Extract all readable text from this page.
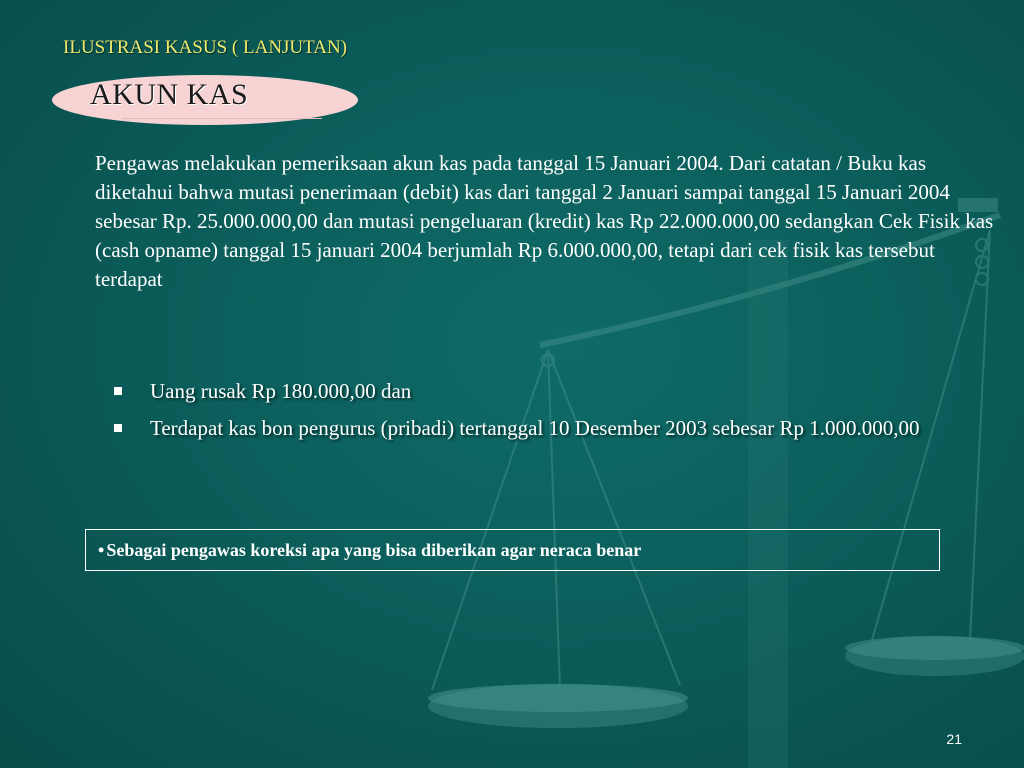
ILUSTRASI KASUS ( LANJUTAN)
AKUN KAS
Pengawas melakukan pemeriksaan akun kas pada tanggal 15 Januari 2004. Dari catatan / Buku kas diketahui bahwa mutasi penerimaan (debit) kas dari tanggal 2 Januari sampai tanggal 15 Januari 2004 sebesar Rp. 25.000.000,00 dan mutasi pengeluaran (kredit) kas Rp 22.000.000,00 sedangkan Cek Fisik kas (cash opname) tanggal 15 januari 2004 berjumlah Rp 6.000.000,00, tetapi dari cek fisik kas tersebut terdapat
Uang rusak Rp 180.000,00 dan
Terdapat kas bon pengurus (pribadi) tertanggal 10 Desember 2003 sebesar Rp 1.000.000,00
• Sebagai pengawas koreksi apa yang bisa diberikan agar neraca benar
21
